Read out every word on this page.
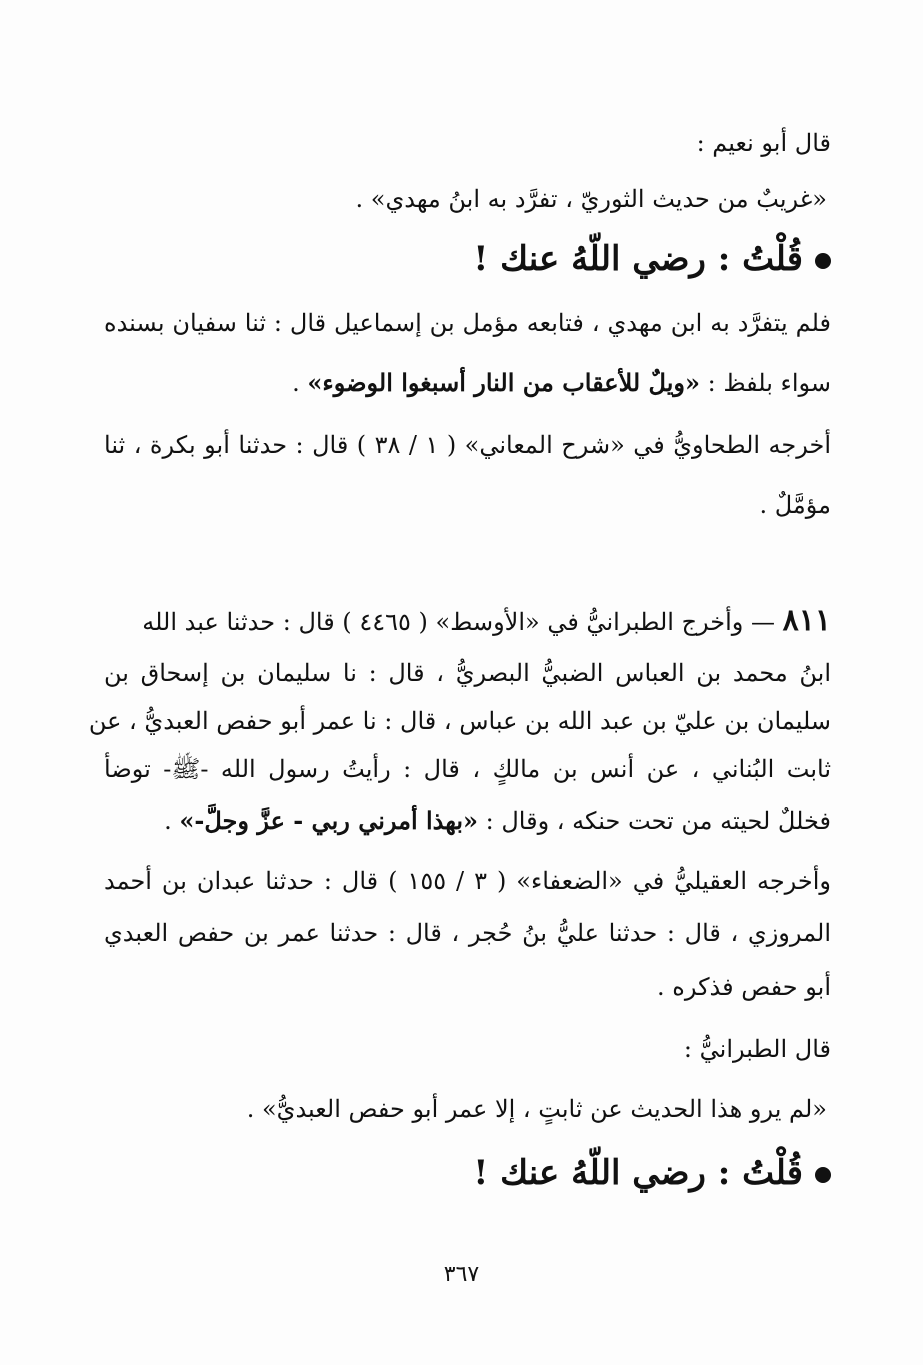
قال أبو نعيم :
«غريبٌ من حديث الثوريّ ، تفرَّد به ابنُ مهدي» .
قُلْتُ : رضي اللّهُ عنك !
فلم يتفرَّد به ابن مهدي ، فتابعه مؤمل بن إسماعيل قال : ثنا سفيان بسنده
سواء بلفظ : «ويلٌ للأعقاب من النار أسبغوا الوضوء» .
أخرجه الطحاويُّ في «شرح المعاني» ( ١ / ٣٨ ) قال : حدثنا أبو بكرة ، ثنا
مؤمَّلٌ .
٨١١ — وأخرج الطبرانيُّ في «الأوسط» ( ٤٤٦٥ ) قال : حدثنا عبد الله
ابنُ محمد بن العباس الضبيُّ البصريُّ ، قال : نا سليمان بن إسحاق بن
سليمان بن عليّ بن عبد الله بن عباس ، قال : نا عمر أبو حفص العبديُّ ، عن
ثابت البُناني ، عن أنس بن مالكٍ ، قال : رأيتُ رسول الله -ﷺ- توضأ
فخللٌ لحيته من تحت حنكه ، وقال : «بهذا أمرني ربي - عزَّ وجلَّ-» .
وأخرجه العقيليُّ في «الضعفاء» ( ٣ / ١٥٥ ) قال : حدثنا عبدان بن أحمد
المروزي ، قال : حدثنا عليُّ بنُ حُجر ، قال : حدثنا عمر بن حفص العبدي
أبو حفص فذكره .
قال الطبرانيُّ :
«لم يرو هذا الحديث عن ثابتٍ ، إلا عمر أبو حفص العبديُّ» .
قُلْتُ : رضي اللّهُ عنك !
٣٦٧
